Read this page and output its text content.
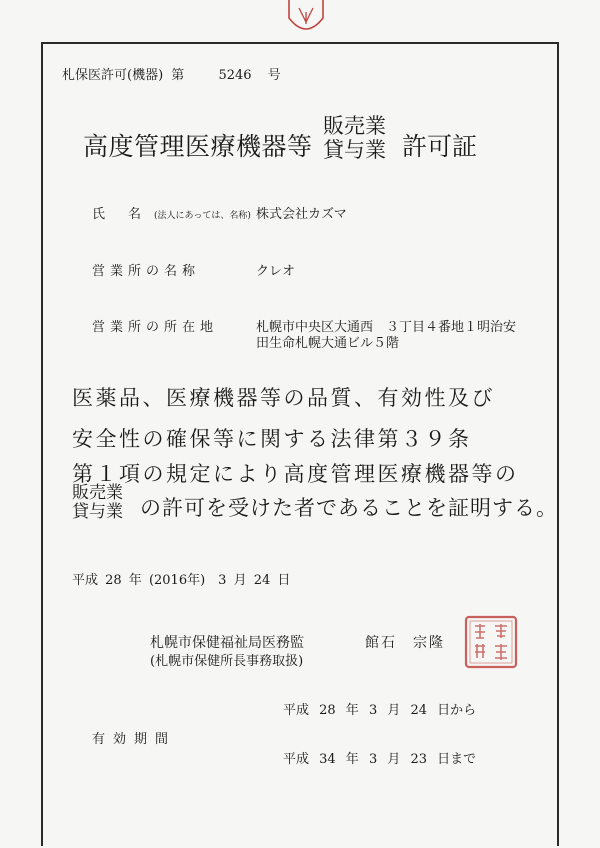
札保医許可(機器) 第	5246 号
高度管理医療機器等
販売業
貸与業 許可証
氏　名 (法人にあっては、名称) 株式会社カズマ
営業所の名称	クレオ
営業所の所在地	札幌市中央区大通西　３丁目４番地１明治安
田生命札幌大通ビル５階
医薬品、医療機器等の品質、有効性及び
安全性の確保等に関する法律第３９条
第１項の規定により高度管理医療機器等の
販売業
貸与業 の許可を受けた者であることを証明する。
平成 28 年 (2016年)　3 月 24 日
札幌市保健福祉局医務監	館石　宗隆
(札幌市保健所長事務取扱)
平成 28 年 3 月 24 日から
有効期間
平成 34 年 3 月 23 日まで
